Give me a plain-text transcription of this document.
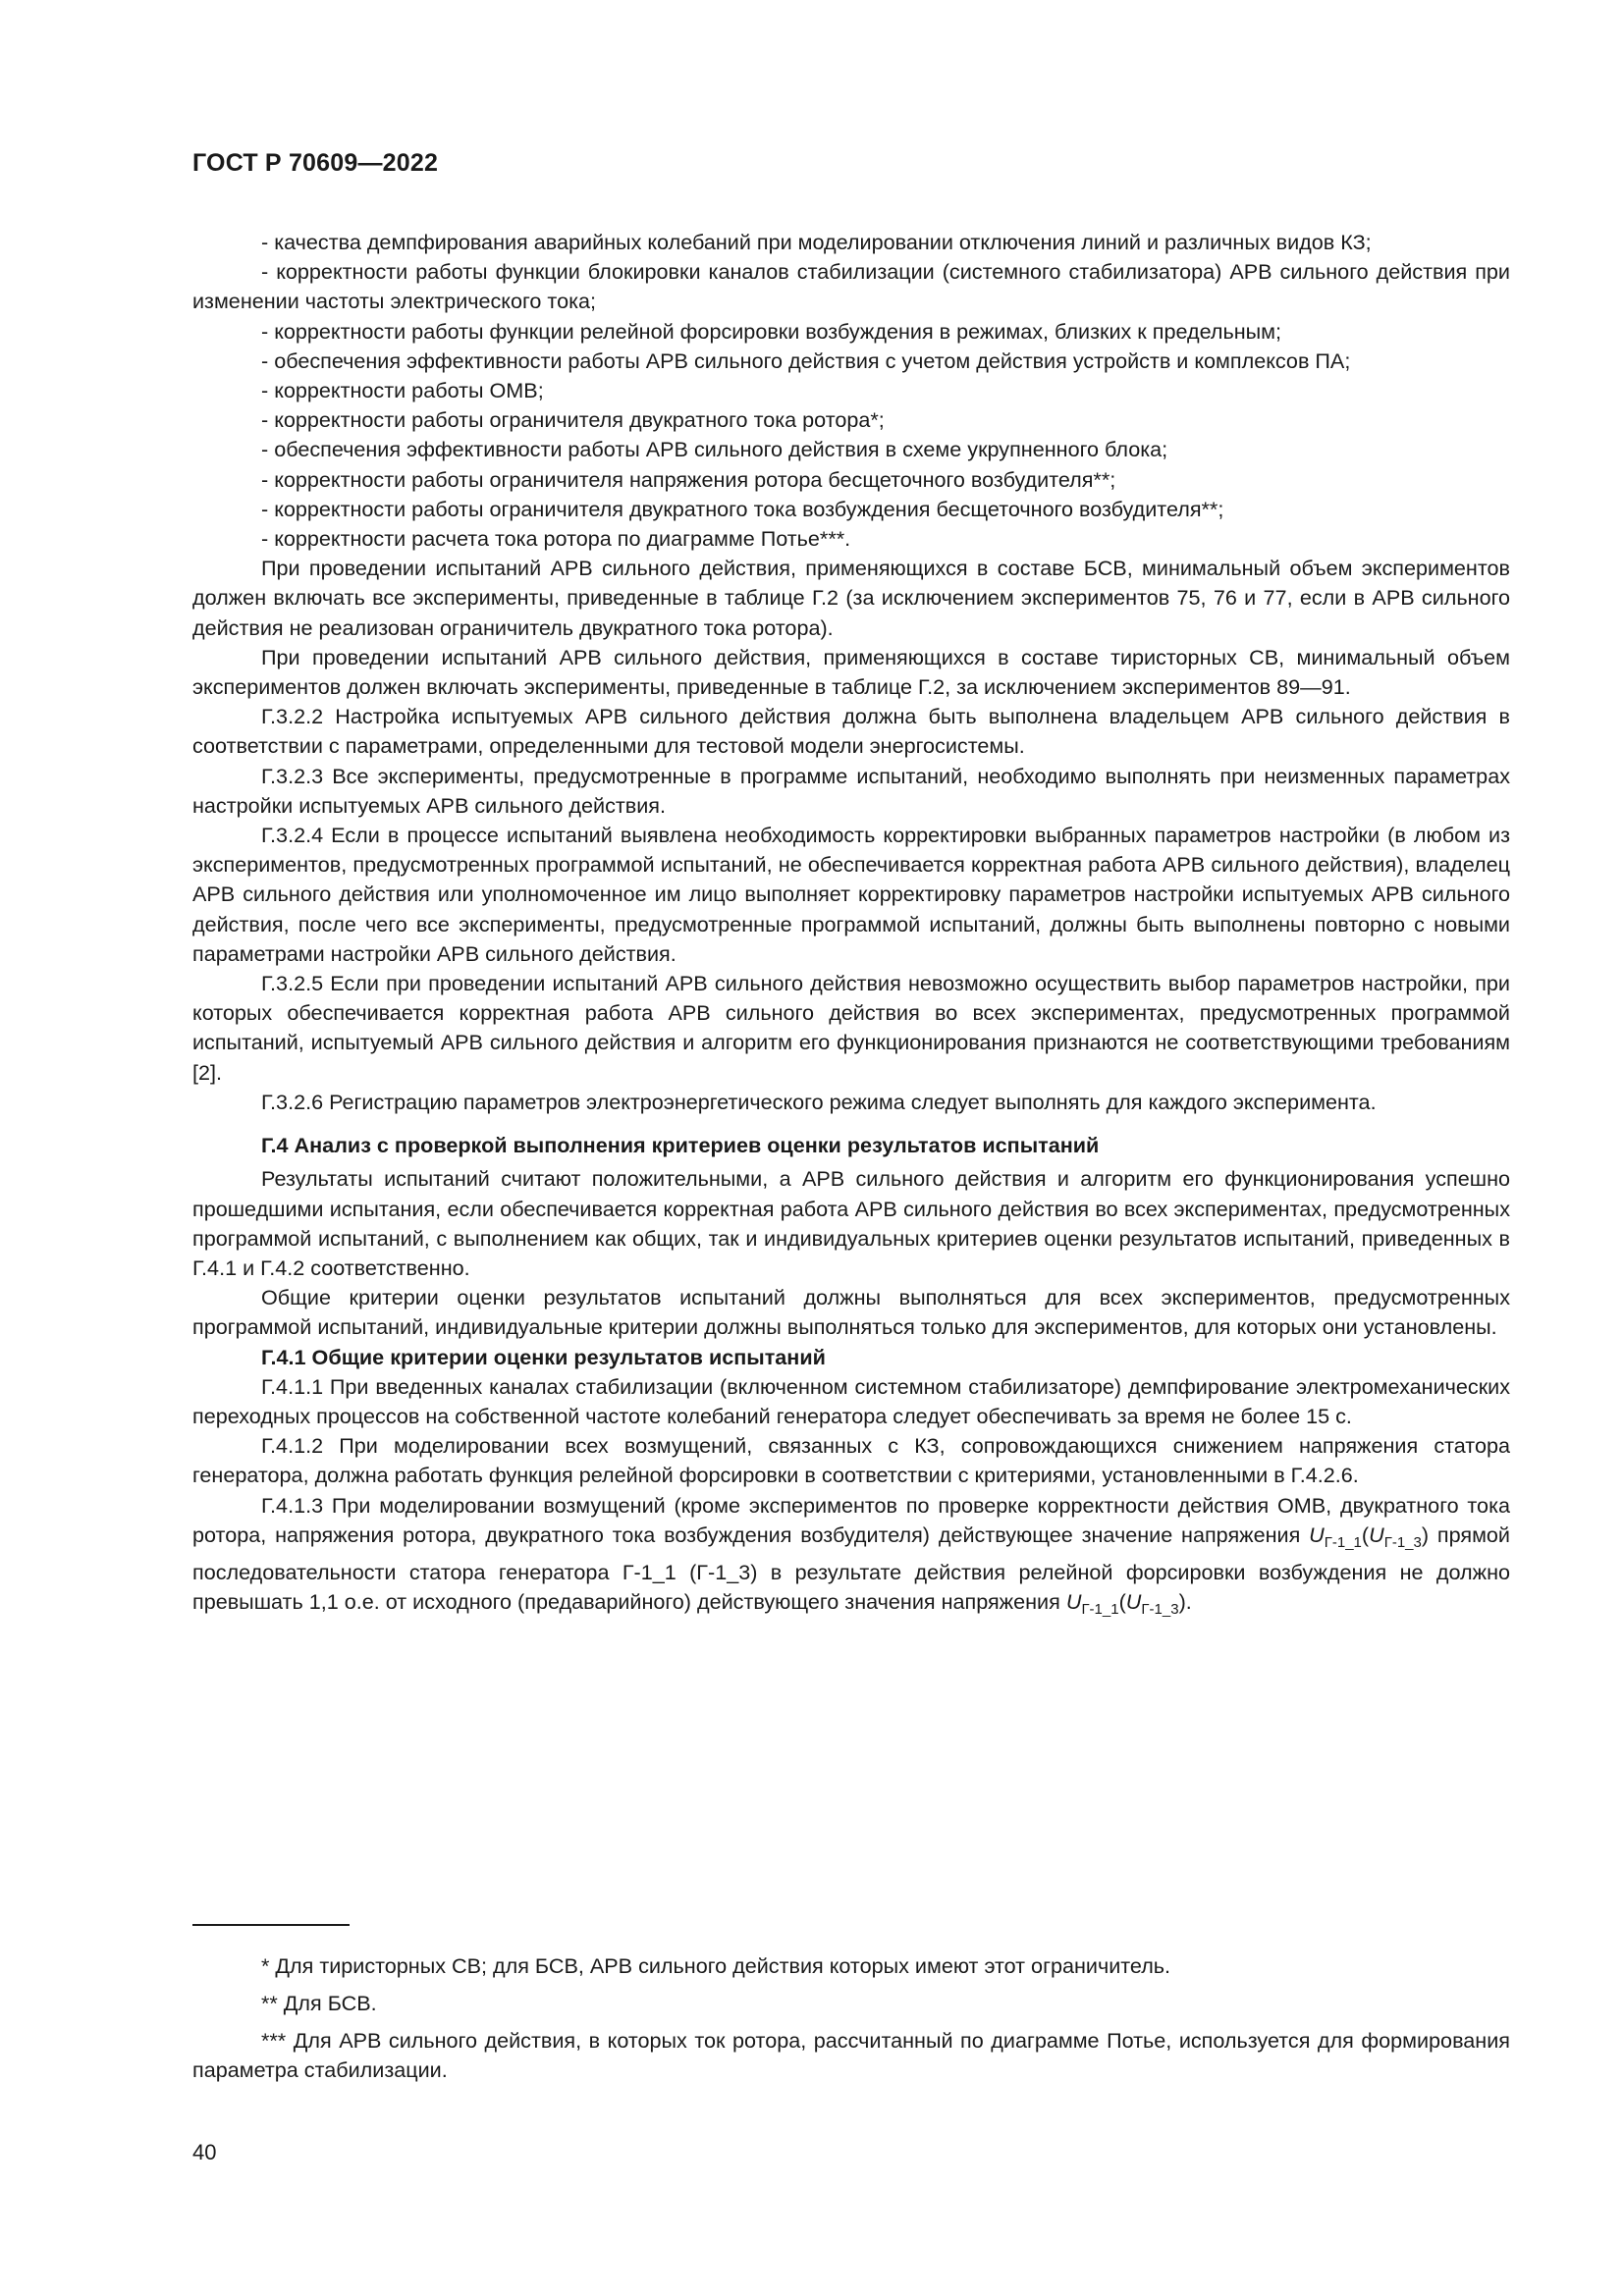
ГОСТ Р 70609—2022

- качества демпфирования аварийных колебаний при моделировании отключения линий и различных видов КЗ;

- корректности работы функции блокировки каналов стабилизации (системного стабилизатора) АРВ сильного действия при изменении частоты электрического тока;

- корректности работы функции релейной форсировки возбуждения в режимах, близких к предельным;

- обеспечения эффективности работы АРВ сильного действия с учетом действия устройств и комплексов ПА;

- корректности работы ОМВ;

- корректности работы ограничителя двукратного тока ротора*;

- обеспечения эффективности работы АРВ сильного действия в схеме укрупненного блока;

- корректности работы ограничителя напряжения ротора бесщеточного возбудителя**;

- корректности работы ограничителя двукратного тока возбуждения бесщеточного возбудителя**;

- корректности расчета тока ротора по диаграмме Потье***.

При проведении испытаний АРВ сильного действия, применяющихся в составе БСВ, минимальный объем экспериментов должен включать все эксперименты, приведенные в таблице Г.2 (за исключением экспериментов 75, 76 и 77, если в АРВ сильного действия не реализован ограничитель двукратного тока ротора).

При проведении испытаний АРВ сильного действия, применяющихся в составе тиристорных СВ, минимальный объем экспериментов должен включать эксперименты, приведенные в таблице Г.2, за исключением экспериментов 89—91.

Г.3.2.2 Настройка испытуемых АРВ сильного действия должна быть выполнена владельцем АРВ сильного действия в соответствии с параметрами, определенными для тестовой модели энергосистемы.

Г.3.2.3 Все эксперименты, предусмотренные в программе испытаний, необходимо выполнять при неизменных параметрах настройки испытуемых АРВ сильного действия.

Г.3.2.4 Если в процессе испытаний выявлена необходимость корректировки выбранных параметров настройки (в любом из экспериментов, предусмотренных программой испытаний, не обеспечивается корректная работа АРВ сильного действия), владелец АРВ сильного действия или уполномоченное им лицо выполняет корректировку параметров настройки испытуемых АРВ сильного действия, после чего все эксперименты, предусмотренные программой испытаний, должны быть выполнены повторно с новыми параметрами настройки АРВ сильного действия.

Г.3.2.5 Если при проведении испытаний АРВ сильного действия невозможно осуществить выбор параметров настройки, при которых обеспечивается корректная работа АРВ сильного действия во всех экспериментах, предусмотренных программой испытаний, испытуемый АРВ сильного действия и алгоритм его функционирования признаются не соответствующими требованиям [2].

Г.3.2.6 Регистрацию параметров электроэнергетического режима следует выполнять для каждого эксперимента.

Г.4 Анализ с проверкой выполнения критериев оценки результатов испытаний

Результаты испытаний считают положительными, а АРВ сильного действия и алгоритм его функционирования успешно прошедшими испытания, если обеспечивается корректная работа АРВ сильного действия во всех экспериментах, предусмотренных программой испытаний, с выполнением как общих, так и индивидуальных критериев оценки результатов испытаний, приведенных в Г.4.1 и Г.4.2 соответственно.

Общие критерии оценки результатов испытаний должны выполняться для всех экспериментов, предусмотренных программой испытаний, индивидуальные критерии должны выполняться только для экспериментов, для которых они установлены.

Г.4.1 Общие критерии оценки результатов испытаний

Г.4.1.1 При введенных каналах стабилизации (включенном системном стабилизаторе) демпфирование электромеханических переходных процессов на собственной частоте колебаний генератора следует обеспечивать за время не более 15 с.

Г.4.1.2 При моделировании всех возмущений, связанных с КЗ, сопровождающихся снижением напряжения статора генератора, должна работать функция релейной форсировки в соответствии с критериями, установленными в Г.4.2.6.

Г.4.1.3 При моделировании возмущений (кроме экспериментов по проверке корректности действия ОМВ, двукратного тока ротора, напряжения ротора, двукратного тока возбуждения возбудителя) действующее значение напряжения $U_{Г-1\_1}(U_{Г-1\_3})$ прямой последовательности статора генератора Г-1_1 (Г-1_3) в результате действия релейной форсировки возбуждения не должно превышать 1,1 о.е. от исходного (предаварийного) действующего значения напряжения $U_{Г-1\_1}(U_{Г-1\_3})$.

* Для тиристорных СВ; для БСВ, АРВ сильного действия которых имеют этот ограничитель.

** Для БСВ.

*** Для АРВ сильного действия, в которых ток ротора, рассчитанный по диаграмме Потье, используется для формирования параметра стабилизации.

40
